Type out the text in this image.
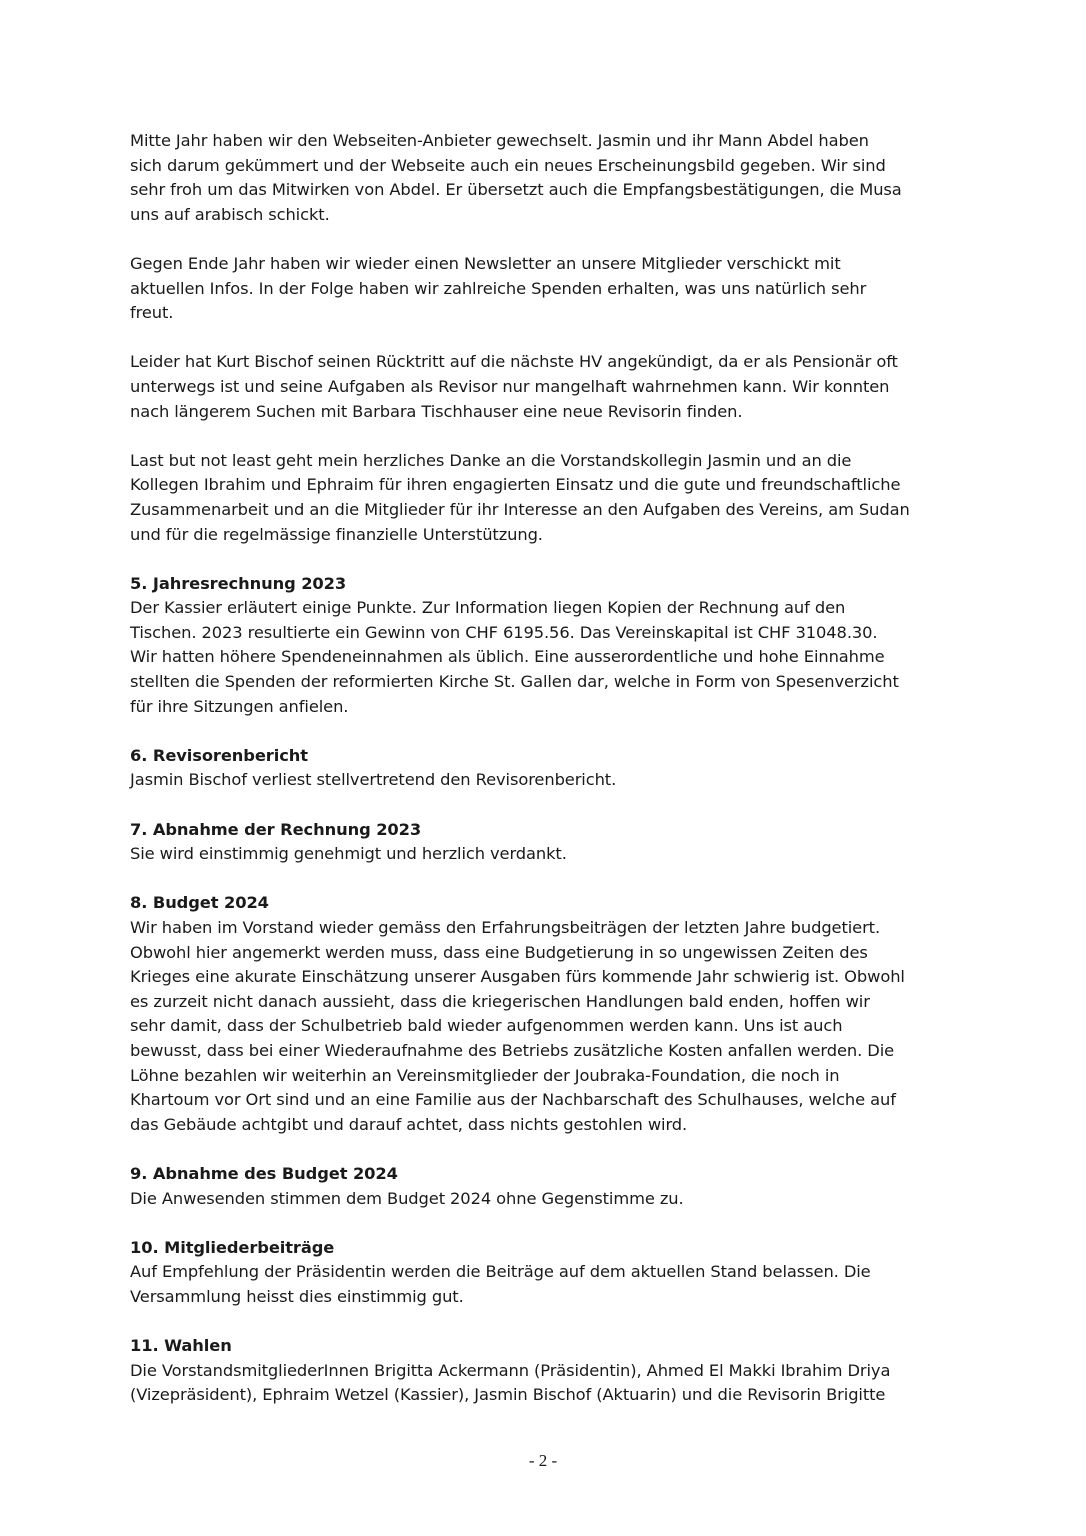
Mitte Jahr haben wir den Webseiten-Anbieter gewechselt. Jasmin und ihr Mann Abdel haben
sich darum gekümmert und der Webseite auch ein neues Erscheinungsbild gegeben. Wir sind
sehr froh um das Mitwirken von Abdel. Er übersetzt auch die Empfangsbestätigungen, die Musa
uns auf arabisch schickt.
Gegen Ende Jahr haben wir wieder einen Newsletter an unsere Mitglieder verschickt mit
aktuellen Infos. In der Folge haben wir zahlreiche Spenden erhalten, was uns natürlich sehr
freut.
Leider hat Kurt Bischof seinen Rücktritt auf die nächste HV angekündigt, da er als Pensionär oft
unterwegs ist und seine Aufgaben als Revisor nur mangelhaft wahrnehmen kann. Wir konnten
nach längerem Suchen mit Barbara Tischhauser eine neue Revisorin finden.
Last but not least geht mein herzliches Danke an die Vorstandskollegin Jasmin und an die
Kollegen Ibrahim und Ephraim für ihren engagierten Einsatz und die gute und freundschaftliche
Zusammenarbeit und an die Mitglieder für ihr Interesse an den Aufgaben des Vereins, am Sudan
und für die regelmässige finanzielle Unterstützung.
5. Jahresrechnung 2023
Der Kassier erläutert einige Punkte. Zur Information liegen Kopien der Rechnung auf den
Tischen. 2023 resultierte ein Gewinn von CHF 6195.56. Das Vereinskapital ist CHF 31048.30.
Wir hatten höhere Spendeneinnahmen als üblich. Eine ausserordentliche und hohe Einnahme
stellten die Spenden der reformierten Kirche St. Gallen dar, welche in Form von Spesenverzicht
für ihre Sitzungen anfielen.
6. Revisorenbericht
Jasmin Bischof verliest stellvertretend den Revisorenbericht.
7. Abnahme der Rechnung 2023
Sie wird einstimmig genehmigt und herzlich verdankt.
8. Budget 2024
Wir haben im Vorstand wieder gemäss den Erfahrungsbeiträgen der letzten Jahre budgetiert.
Obwohl hier angemerkt werden muss, dass eine Budgetierung in so ungewissen Zeiten des
Krieges eine akurate Einschätzung unserer Ausgaben fürs kommende Jahr schwierig ist. Obwohl
es zurzeit nicht danach aussieht, dass die kriegerischen Handlungen bald enden, hoffen wir
sehr damit, dass der Schulbetrieb bald wieder aufgenommen werden kann. Uns ist auch
bewusst, dass bei einer Wiederaufnahme des Betriebs zusätzliche Kosten anfallen werden. Die
Löhne bezahlen wir weiterhin an Vereinsmitglieder der Joubraka-Foundation, die noch in
Khartoum vor Ort sind und an eine Familie aus der Nachbarschaft des Schulhauses, welche auf
das Gebäude achtgibt und darauf achtet, dass nichts gestohlen wird.
9. Abnahme des Budget 2024
Die Anwesenden stimmen dem Budget 2024 ohne Gegenstimme zu.
10. Mitgliederbeiträge
Auf Empfehlung der Präsidentin werden die Beiträge auf dem aktuellen Stand belassen. Die
Versammlung heisst dies einstimmig gut.
11. Wahlen
Die VorstandsmitgliederInnen Brigitta Ackermann (Präsidentin), Ahmed El Makki Ibrahim Driya
(Vizepräsident), Ephraim Wetzel (Kassier), Jasmin Bischof (Aktuarin) und die Revisorin Brigitte
- 2 -
